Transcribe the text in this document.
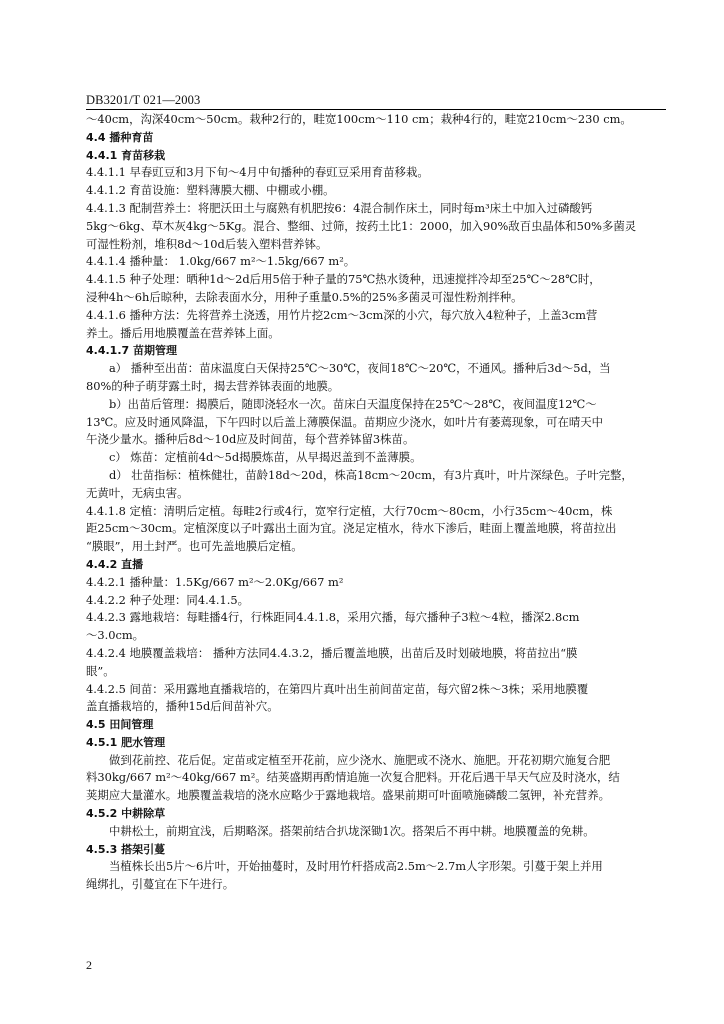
DB3201/T 021—2003

～40cm，沟深40cm～50cm。栽种2行的，畦宽100cm～110 cm；栽种4行的，畦宽210cm～230 cm。

4.4 播种育苗

4.4.1 育苗移栽

4.4.1.1 早春豇豆和3月下旬～4月中旬播种的春豇豆采用育苗移栽。

4.4.1.2 育苗设施：塑料薄膜大棚、中棚或小棚。

4.4.1.3 配制营养土：将肥沃田土与腐熟有机肥按6：4混合制作床土，同时每m³床土中加入过磷酸钙

5kg～6kg、草木灰4kg～5Kg。混合、整细、过筛，按药土比1：2000，加入90%敌百虫晶体和50%多菌灵

可湿性粉剂，堆积8d～10d后装入塑料营养钵。

4.4.1.4 播种量： 1.0kg/667 m²～1.5kg/667 m²。

4.4.1.5 种子处理：晒种1d～2d后用5倍于种子量的75℃热水烫种，迅速搅拌冷却至25℃～28℃时，

浸种4h～6h后晾种，去除表面水分，用种子重量0.5%的25%多菌灵可湿性粉剂拌种。

4.4.1.6 播种方法：先将营养土浇透，用竹片挖2cm～3cm深的小穴，每穴放入4粒种子，上盖3cm营

养土。播后用地膜覆盖在营养钵上面。

4.4.1.7 苗期管理

a） 播种至出苗：苗床温度白天保持25℃～30℃，夜间18℃～20℃，不通风。播种后3d～5d，当

80%的种子萌芽露土时，揭去营养钵表面的地膜。

b）出苗后管理：揭膜后，随即浇轻水一次。苗床白天温度保持在25℃～28℃，夜间温度12℃～

13℃。应及时通风降温，下午四时以后盖上薄膜保温。苗期应少浇水，如叶片有萎蔫现象，可在晴天中

午浇少量水。播种后8d～10d应及时间苗，每个营养钵留3株苗。

c） 炼苗：定植前4d～5d揭膜炼苗，从早揭迟盖到不盖薄膜。

d） 壮苗指标：植株健壮，苗龄18d～20d，株高18cm～20cm，有3片真叶，叶片深绿色。子叶完整，

无黄叶，无病虫害。

4.4.1.8 定植：清明后定植。每畦2行或4行，宽窄行定植，大行70cm～80cm，小行35cm～40cm，株

距25cm～30cm。定植深度以子叶露出土面为宜。浇足定植水，待水下渗后，畦面上覆盖地膜，将苗拉出

“膜眼”，用土封严。也可先盖地膜后定植。

4.4.2 直播

4.4.2.1 播种量：1.5Kg/667 m²～2.0Kg/667 m²

4.4.2.2 种子处理：同4.4.1.5。

4.4.2.3 露地栽培：每畦播4行，行株距同4.4.1.8，采用穴播，每穴播种子3粒～4粒，播深2.8cm

～3.0cm。

4.4.2.4 地膜覆盖栽培： 播种方法同4.4.3.2，播后覆盖地膜，出苗后及时划破地膜，将苗拉出“膜

眼”。

4.4.2.5 间苗：采用露地直播栽培的，在第四片真叶出生前间苗定苗，每穴留2株～3株；采用地膜覆

盖直播栽培的，播种15d后间苗补穴。

4.5 田间管理

4.5.1 肥水管理

做到花前控、花后促。定苗或定植至开花前，应少浇水、施肥或不浇水、施肥。开花初期穴施复合肥

料30kg/667 m²～40kg/667 m²。结荚盛期再酌情追施一次复合肥料。开花后遇干旱天气应及时浇水，结

荚期应大量灌水。地膜覆盖栽培的浇水应略少于露地栽培。盛果前期可叶面喷施磷酸二氢钾，补充营养。

4.5.2 中耕除草

中耕松土，前期宜浅，后期略深。搭架前结合扒垅深锄1次。搭架后不再中耕。地膜覆盖的免耕。

4.5.3 搭架引蔓

当植株长出5片～6片叶，开始抽蔓时，及时用竹杆搭成高2.5m～2.7m人字形架。引蔓于架上并用

绳绑扎，引蔓宜在下午进行。

2
